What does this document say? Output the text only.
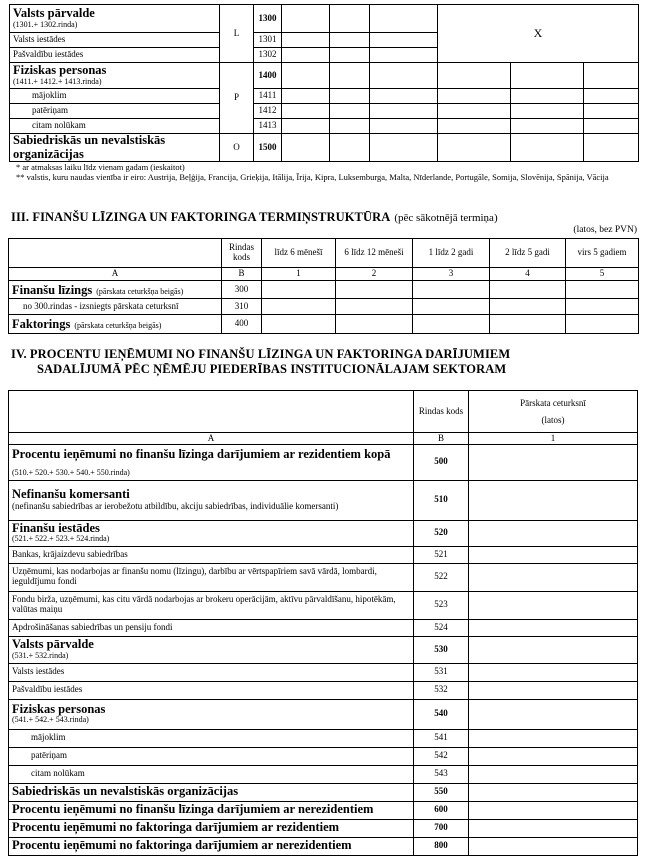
Valsts pārvalde
(1301.+ 1302.rinda)	L	1300				X		
Valsts iestādes		1301						
Pašvaldību iestādes		1302						

Fiziskas personas
(1411.+ 1412.+ 1413.rinda)	P	1400						
mājoklim		1411						
patēriņam		1412						
citam nolūkam		1413						
Sabiedriskās un nevalstiskās organizācijas	O	1500						
* ar atmaksas laiku līdz vienam gadam (ieskaitot)
** valstis, kuru naudas vienība ir eiro: Austrija, Beļģija, Francija, Grieķija, Itālija, Īrija, Kipra, Luksemburga, Malta, Nīderlande, Portugāle, Somija, Slovēnija, Spānija, Vācija
III. FINANŠU LĪZINGA UN FAKTORINGA TERMIŅSTRUKTŪRA (pēc sākotnējā termiņa)
(latos, bez PVN)
	Rindas kods	līdz 6 mēnešī	6 līdz 12 mēneši	1 līdz 2 gadi	2 līdz 5 gadi	virs 5 gadiem
A	B	1	2	3	4	5
Finanšu līzings (pārskata ceturkšņa beigās)	300					
no 300.rindas - izsniegts pārskata ceturksnī	310					
Faktorings (pārskata ceturkšņa beigās)	400					
IV. PROCENTU IEŅĒMUMI NO FINANŠU LĪZINGA UN FAKTORINGA DARĪJUMIEM
SADALĪJUMĀ PĒC ŅĒMĒJU PIEDERĪBAS INSTITUCIONĀLAJAM SEKTORAM
	Rindas kods	Pārskata ceturksnī
(latos)

A	B	1
Procentu ieņēmumi no finanšu līzinga darījumiem ar rezidentiem kopā (510.+ 520.+ 530.+ 540.+ 550.rinda)	500	

Nefinanšu komersanti
(nefinanšu sabiedrības ar ierobežotu atbildību, akciju sabiedrības, individuālie komersanti)	510	

Finanšu iestādes
(521.+ 522.+ 523.+ 524.rinda)	520	
Bankas, krājaizdevu sabiedrības	521	
Uzņēmumi, kas nodarbojas ar finanšu nomu (līzingu), darbību ar vērtspapīriem savā vārdā, lombardi, ieguldījumu fondi	522	
Fondu birža, uzņēmumi, kas citu vārdā nodarbojas ar brokeru operācijām, aktīvu pārvaldīšanu, hipotēkām, valūtas maiņu	523	
Apdrošināšanas sabiedrības un pensiju fondi	524	

Valsts pārvalde
(531.+ 532.rinda)	530	
Valsts iestādes	531	
Pašvaldību iestādes	532	

Fiziskas personas
(541.+ 542.+ 543.rinda)	540	
mājoklim	541	
patēriņam	542	
citam nolūkam	543	
Sabiedriskās un nevalstiskās organizācijas	550	
Procentu ieņēmumi no finanšu līzinga darījumiem ar nerezidentiem	600	
Procentu ieņēmumi no faktoringa darījumiem ar rezidentiem	700	
Procentu ieņēmumi no faktoringa darījumiem ar nerezidentiem	800	
